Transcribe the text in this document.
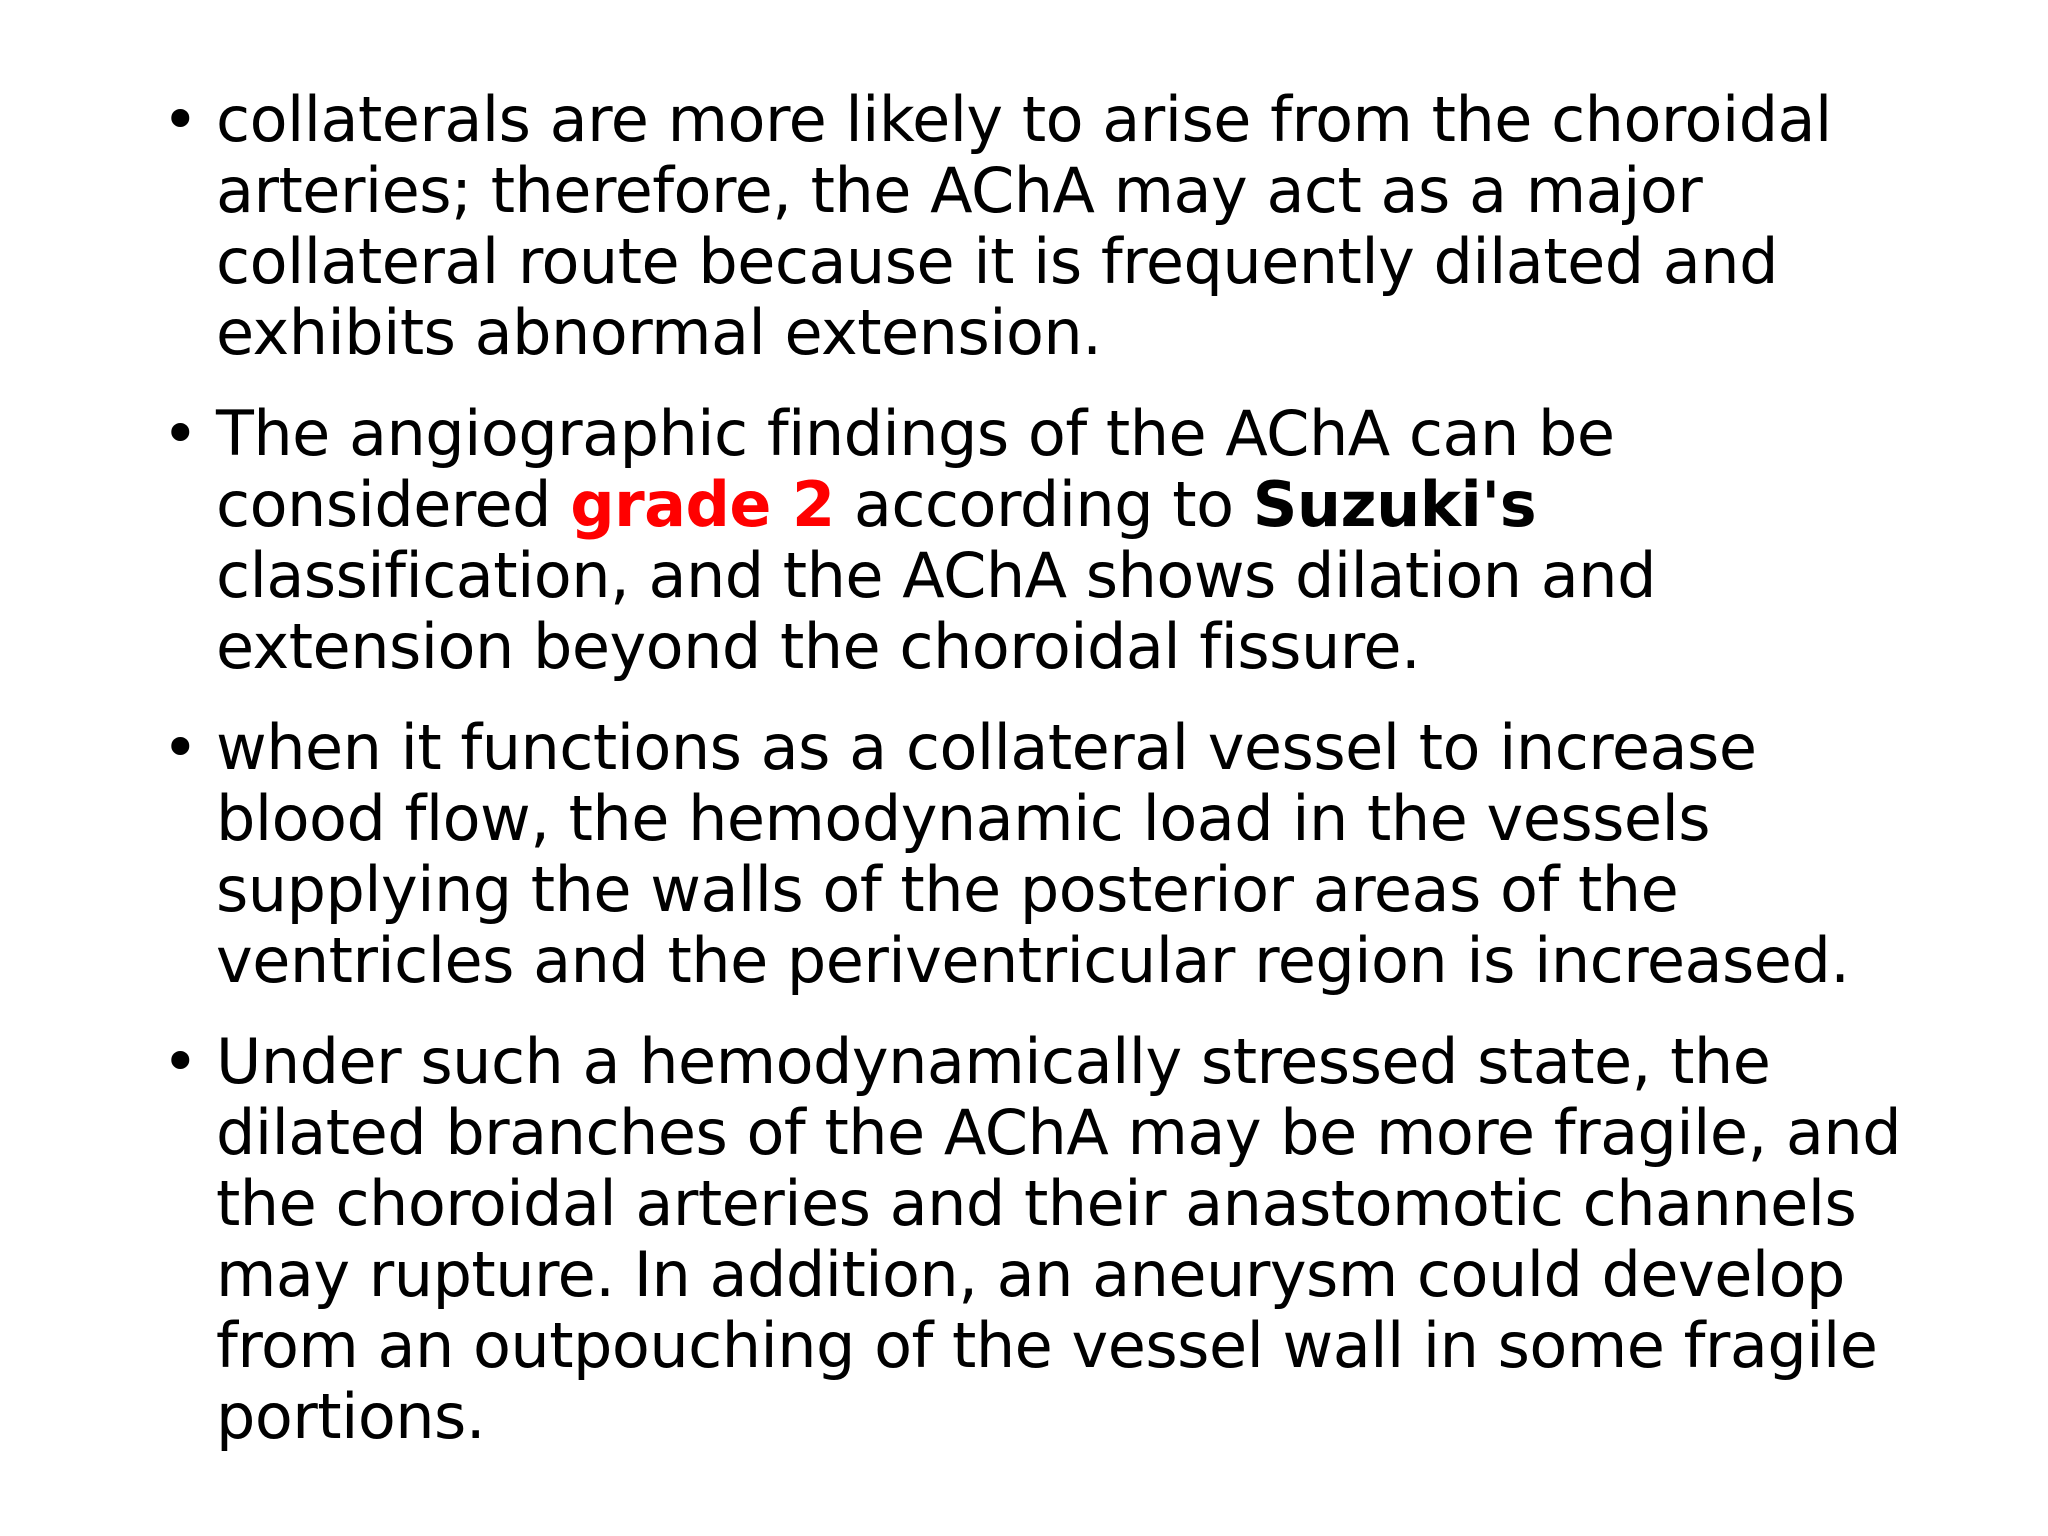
• collaterals are more likely to arise from the choroidal arteries; therefore, the AChA may act as a major collateral route because it is frequently dilated and exhibits abnormal extension.
• The angiographic findings of the AChA can be considered grade 2 according to Suzuki's classification, and the AChA shows dilation and extension beyond the choroidal fissure.
• when it functions as a collateral vessel to increase blood flow, the hemodynamic load in the vessels supplying the walls of the posterior areas of the ventricles and the periventricular region is increased.
• Under such a hemodynamically stressed state, the dilated branches of the AChA may be more fragile, and the choroidal arteries and their anastomotic channels may rupture. In addition, an aneurysm could develop from an outpouching of the vessel wall in some fragile portions.
